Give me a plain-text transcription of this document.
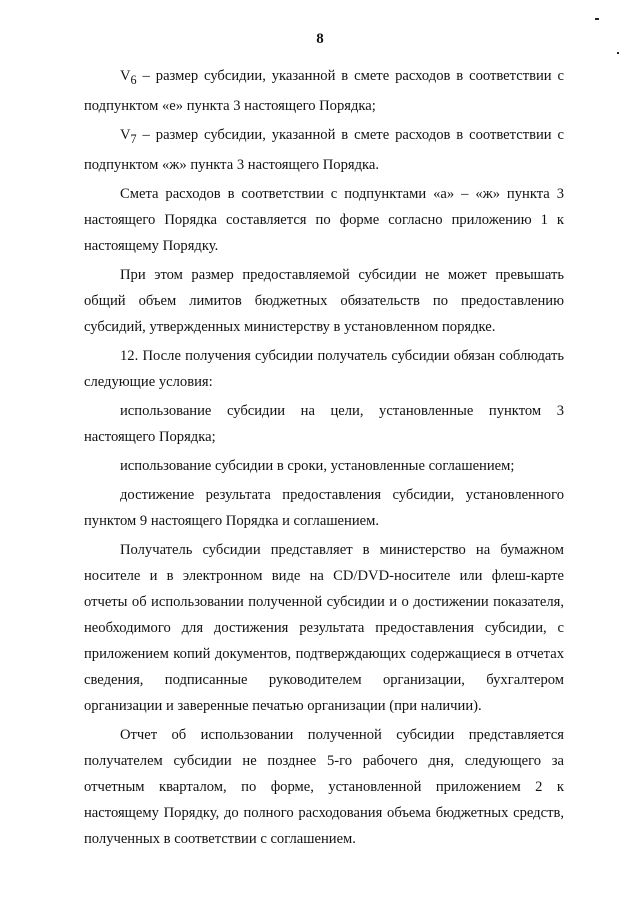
8

$V_6$ – размер субсидии, указанной в смете расходов в соответствии с подпунктом «е» пункта 3 настоящего Порядка;

$V_7$ – размер субсидии, указанной в смете расходов в соответствии с подпунктом «ж» пункта 3 настоящего Порядка.

Смета расходов в соответствии с подпунктами «а» – «ж» пункта 3 настоящего Порядка составляется по форме согласно приложению 1 к настоящему Порядку.

При этом размер предоставляемой субсидии не может превышать общий объем лимитов бюджетных обязательств по предоставлению субсидий, утвержденных министерству в установленном порядке.

12. После получения субсидии получатель субсидии обязан соблюдать следующие условия:

использование субсидии на цели, установленные пунктом 3 настоящего Порядка;

использование субсидии в сроки, установленные соглашением;

достижение результата предоставления субсидии, установленного пунктом 9 настоящего Порядка и соглашением.

Получатель субсидии представляет в министерство на бумажном носителе и в электронном виде на CD/DVD-носителе или флеш-карте отчеты об использовании полученной субсидии и о достижении показателя, необходимого для достижения результата предоставления субсидии, с приложением копий документов, подтверждающих содержащиеся в отчетах сведения, подписанные руководителем организации, бухгалтером организации и заверенные печатью организации (при наличии).

Отчет об использовании полученной субсидии представляется получателем субсидии не позднее 5-го рабочего дня, следующего за отчетным кварталом, по форме, установленной приложением 2 к настоящему Порядку, до полного расходования объема бюджетных средств, полученных в соответствии с соглашением.
